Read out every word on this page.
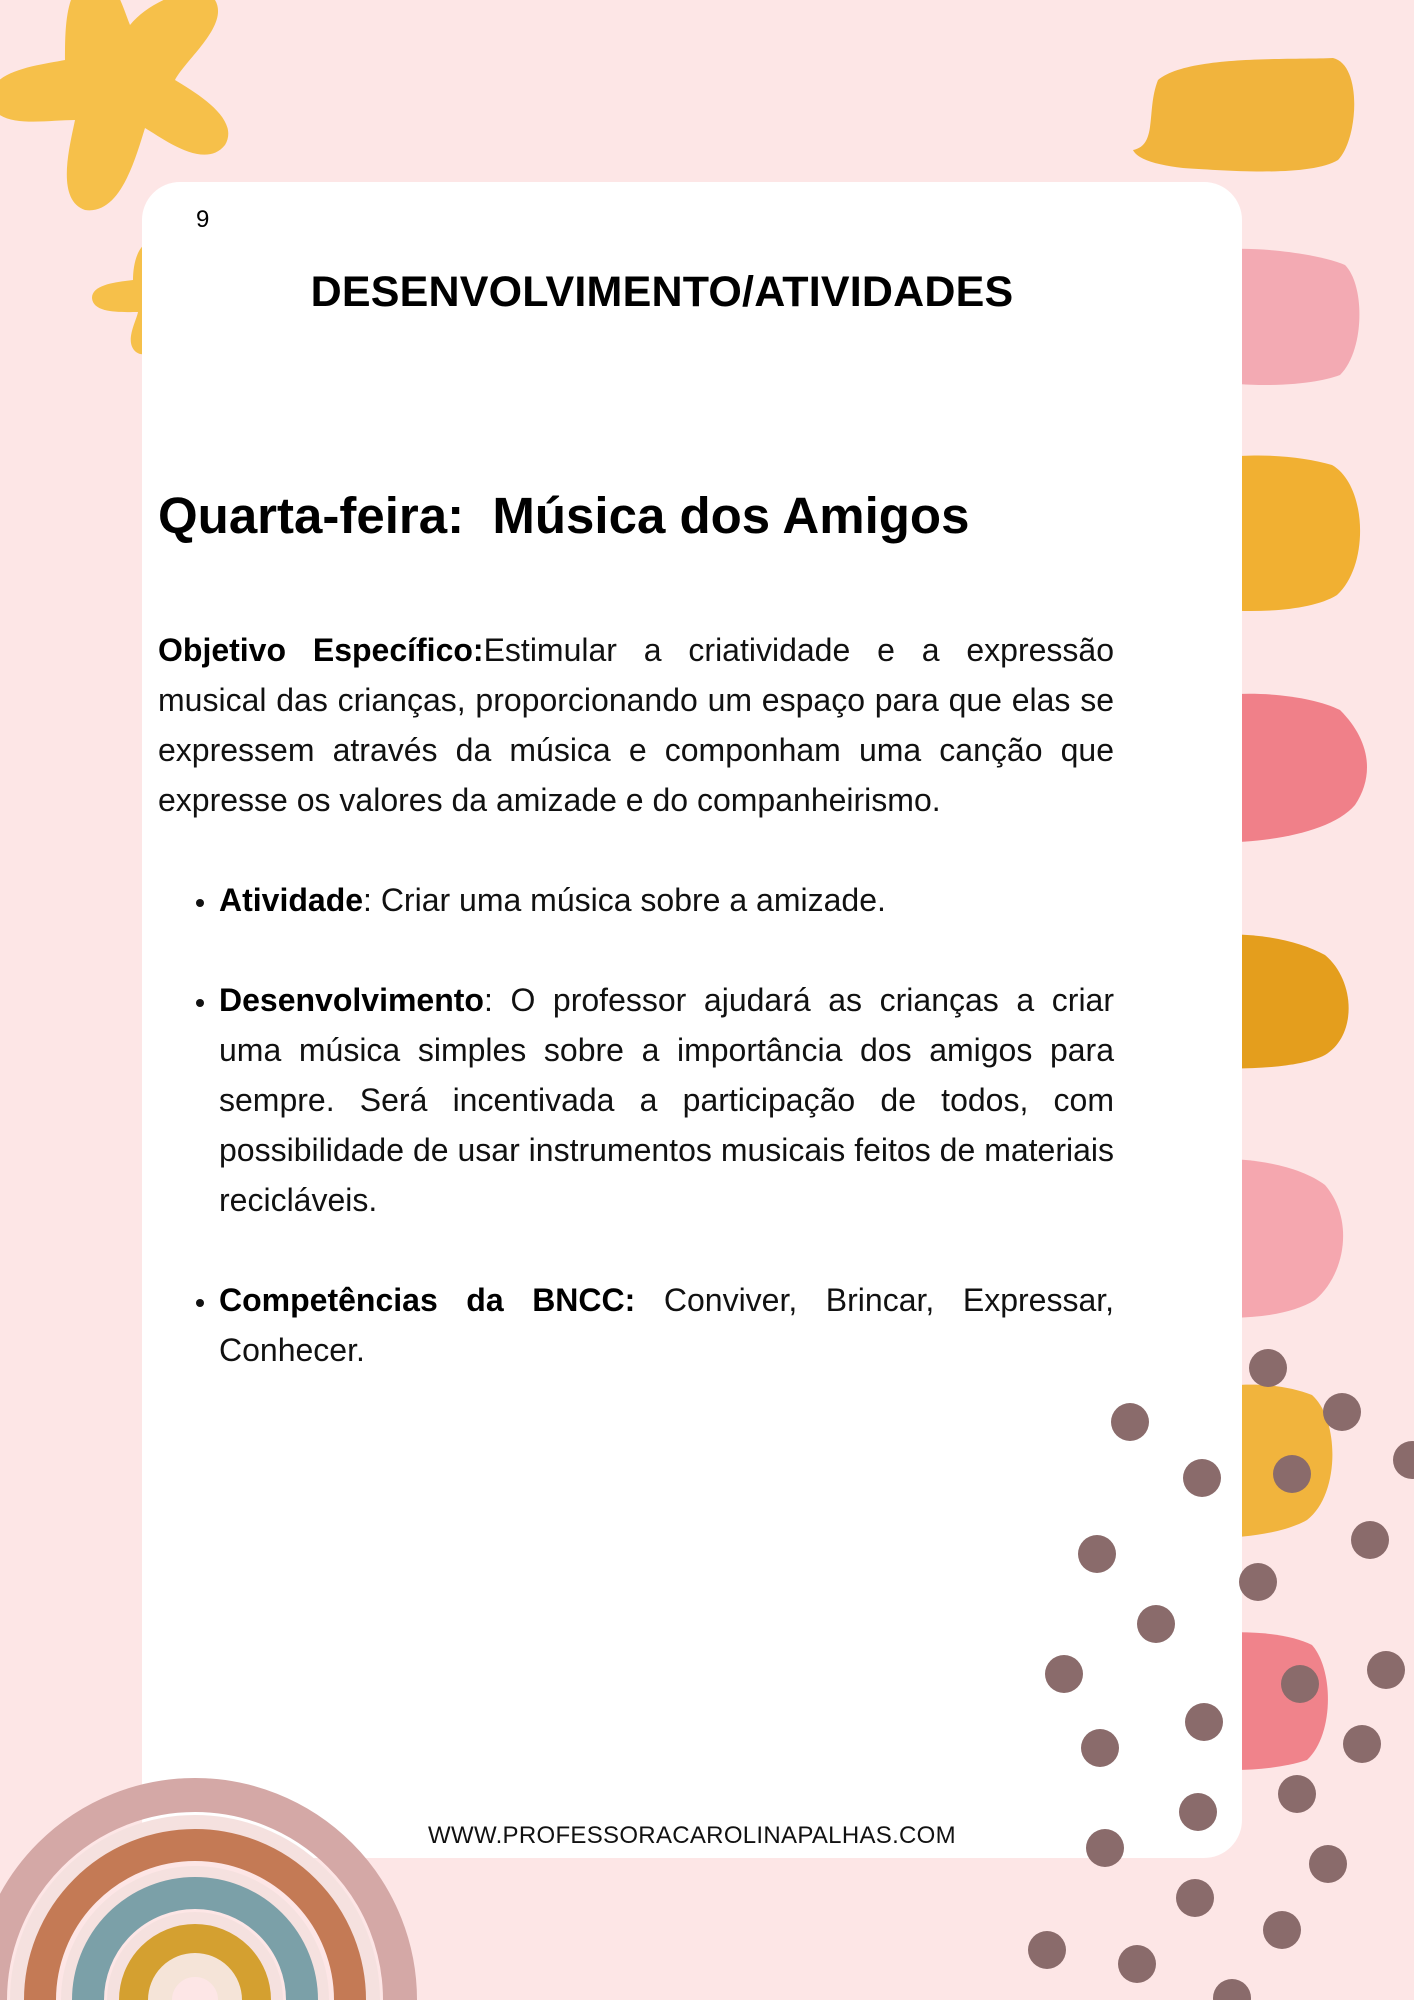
9
DESENVOLVIMENTO/ATIVIDADES
Quarta-feira:  Música dos Amigos

Objetivo Específico:Estimular a criatividade e a expressão musical das crianças, proporcionando um espaço para que elas se expressem através da música e componham uma canção que expresse os valores da amizade e do companheirismo.

• Atividade: Criar uma música sobre a amizade.
• Desenvolvimento: O professor ajudará as crianças a criar uma música simples sobre a importância dos amigos para sempre. Será incentivada a participação de todos, com possibilidade de usar instrumentos musicais feitos de materiais recicláveis.
• Competências da BNCC: Conviver, Brincar, Expressar, Conhecer.
WWW.PROFESSORACAROLINAPALHAS.COM
